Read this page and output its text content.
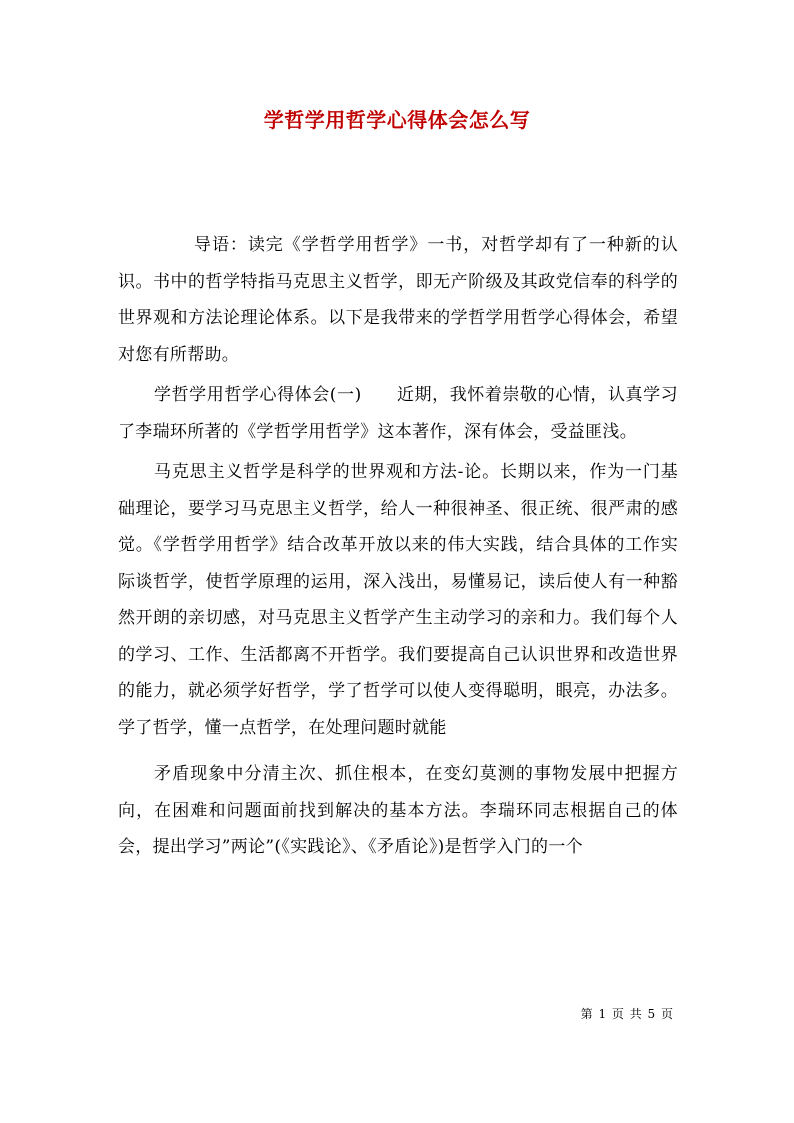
学哲学用哲学心得体会怎么写

导语：读完《学哲学用哲学》一书，对哲学却有了一种新的认识。书中的哲学特指马克思主义哲学，即无产阶级及其政党信奉的科学的世界观和方法论理论体系。以下是我带来的学哲学用哲学心得体会，希望对您有所帮助。

学哲学用哲学心得体会(一)　　近期，我怀着崇敬的心情，认真学习了李瑞环所著的《学哲学用哲学》这本著作，深有体会，受益匪浅。

马克思主义哲学是科学的世界观和方法-论。长期以来，作为一门基础理论，要学习马克思主义哲学，给人一种很神圣、很正统、很严肃的感觉。《学哲学用哲学》结合改革开放以来的伟大实践，结合具体的工作实际谈哲学，使哲学原理的运用，深入浅出，易懂易记，读后使人有一种豁然开朗的亲切感，对马克思主义哲学产生主动学习的亲和力。我们每个人的学习、工作、生活都离不开哲学。我们要提高自己认识世界和改造世界的能力，就必须学好哲学，学了哲学可以使人变得聪明，眼亮，办法多。学了哲学，懂一点哲学，在处理问题时就能

矛盾现象中分清主次、抓住根本，在变幻莫测的事物发展中把握方向，在困难和问题面前找到解决的基本方法。李瑞环同志根据自己的体会，提出学习”两论”(《实践论》、《矛盾论》)是哲学入门的一个

第 1 页 共 5 页
